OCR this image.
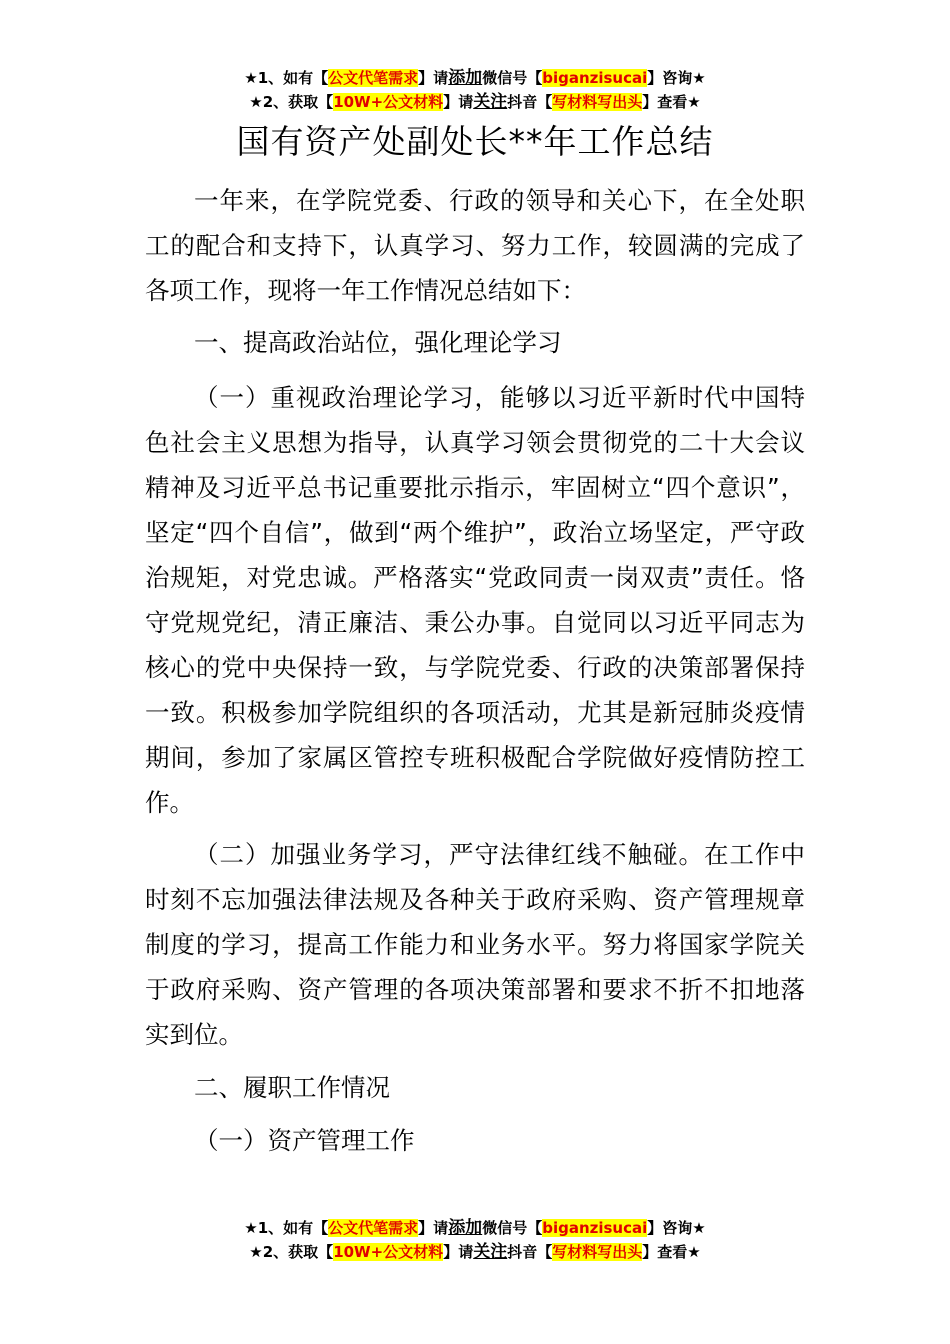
★1、如有【公文代笔需求】请添加微信号【biganzisucai】咨询★
★2、获取【10W+公文材料】请关注抖音【写材料写出头】查看★
国有资产处副处长**年工作总结
一年来，在学院党委、行政的领导和关心下，在全处职工的配合和支持下，认真学习、努力工作，较圆满的完成了各项工作，现将一年工作情况总结如下：
一、提高政治站位，强化理论学习
（一）重视政治理论学习，能够以习近平新时代中国特色社会主义思想为指导，认真学习领会贯彻党的二十大会议精神及习近平总书记重要批示指示，牢固树立“四个意识”，坚定“四个自信”，做到“两个维护”，政治立场坚定，严守政治规矩，对党忠诚。严格落实“党政同责一岗双责”责任。恪守党规党纪，清正廉洁、秉公办事。自觉同以习近平同志为核心的党中央保持一致，与学院党委、行政的决策部署保持一致。积极参加学院组织的各项活动，尤其是新冠肺炎疫情期间，参加了家属区管控专班积极配合学院做好疫情防控工作。
（二）加强业务学习，严守法律红线不触碰。在工作中时刻不忘加强法律法规及各种关于政府采购、资产管理规章制度的学习，提高工作能力和业务水平。努力将国家学院关于政府采购、资产管理的各项决策部署和要求不折不扣地落实到位。
二、履职工作情况
（一）资产管理工作
★1、如有【公文代笔需求】请添加微信号【biganzisucai】咨询★
★2、获取【10W+公文材料】请关注抖音【写材料写出头】查看★
